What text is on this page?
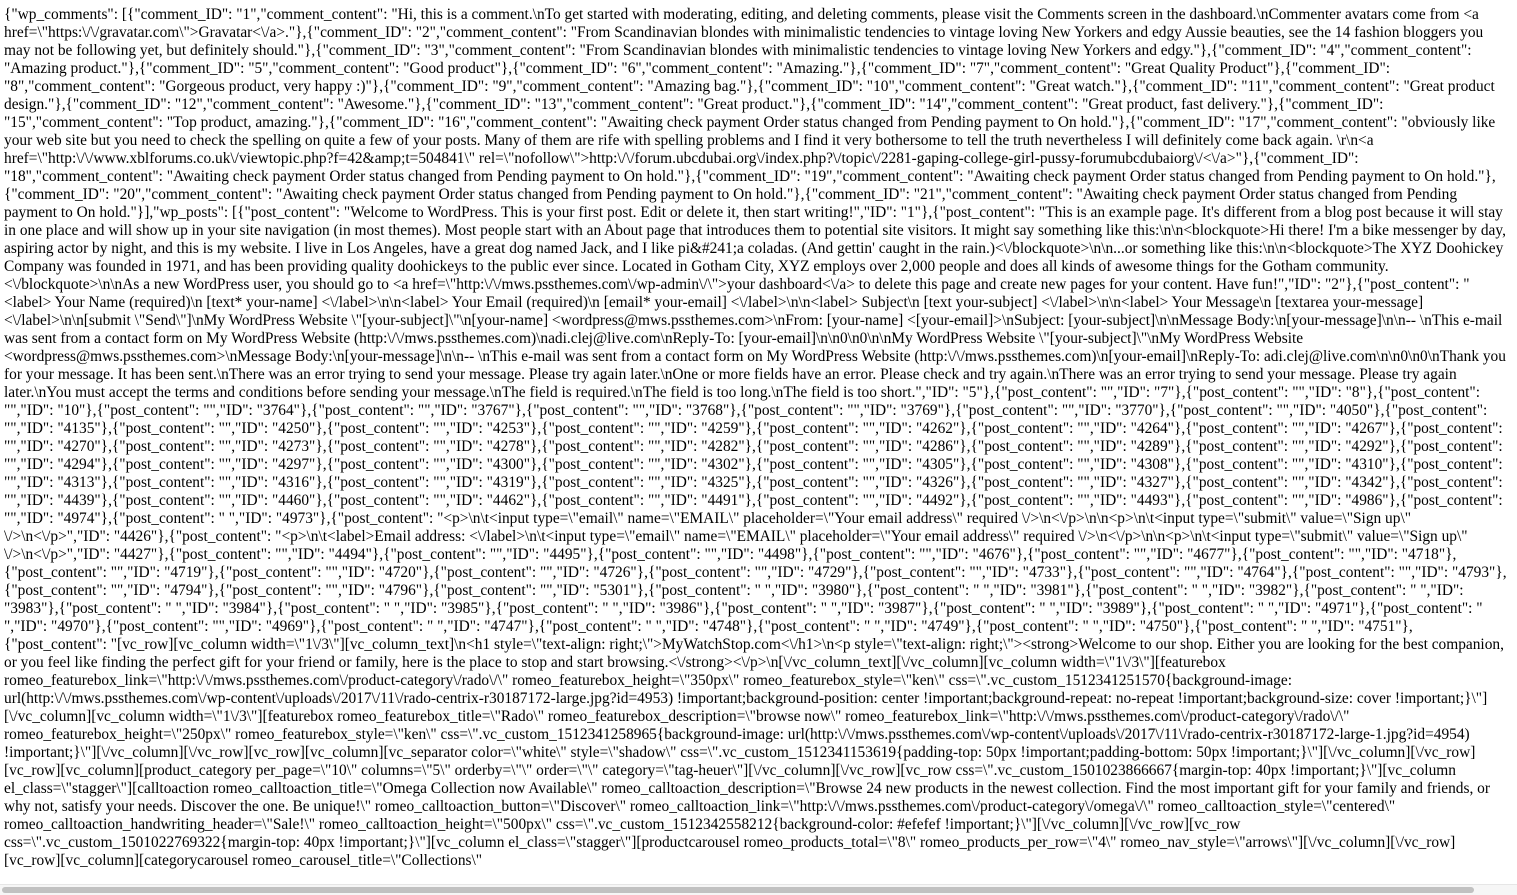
{"wp_comments": [{"comment_ID": "1","comment_content": "Hi, this is a comment.\nTo get started with moderating, editing, and deleting comments, please visit the Comments screen in the dashboard.\nCommenter avatars come from <a href=\"https:\/\/gravatar.com\">Gravatar<\/a>."},{"comment_ID": "2","comment_content": "From Scandinavian blondes with minimalistic tendencies to vintage loving New Yorkers and edgy Aussie beauties, see the 14 fashion bloggers you may not be following yet, but definitely should."},{"comment_ID": "3","comment_content": "From Scandinavian blondes with minimalistic tendencies to vintage loving New Yorkers and edgy."},{"comment_ID": "4","comment_content": "Amazing product."},{"comment_ID": "5","comment_content": "Good product"},{"comment_ID": "6","comment_content": "Amazing."},{"comment_ID": "7","comment_content": "Great Quality Product"},{"comment_ID": "8","comment_content": "Gorgeous product, very happy :)"},{"comment_ID": "9","comment_content": "Amazing bag."},{"comment_ID": "10","comment_content": "Great watch."},{"comment_ID": "11","comment_content": "Great product design."},{"comment_ID": "12","comment_content": "Awesome."},{"comment_ID": "13","comment_content": "Great product."},{"comment_ID": "14","comment_content": "Great product, fast delivery."},{"comment_ID": "15","comment_content": "Top product, amazing."},{"comment_ID": "16","comment_content": "Awaiting check payment Order status changed from Pending payment to On hold."},{"comment_ID": "17","comment_content": "obviously like your web site but you need to check the spelling on quite a few of your posts. Many of them are rife with spelling problems and I find it very bothersome to tell the truth nevertheless I will definitely come back again. \r\n<a href=\"http:\/\/www.xblforums.co.uk\/viewtopic.php?f=42&amp;t=504841\" rel=\"nofollow\">http:\/\/forum.ubcdubai.org\/index.php?\/topic\/2281-gaping-college-girl-pussy-forumubcdubaiorg\/<\/a>"},{"comment_ID": "18","comment_content": "Awaiting check payment Order status changed from Pending payment to On hold."},{"comment_ID": "19","comment_content": "Awaiting check payment Order status changed from Pending payment to On hold."},{"comment_ID": "20","comment_content": "Awaiting check payment Order status changed from Pending payment to On hold."},{"comment_ID": "21","comment_content": "Awaiting check payment Order status changed from Pending payment to On hold."}],"wp_posts": [{"post_content": "Welcome to WordPress. This is your first post. Edit or delete it, then start writing!","ID": "1"},{"post_content": "This is an example page. It's different from a blog post because it will stay in one place and will show up in your site navigation (in most themes). Most people start with an About page that introduces them to potential site visitors. It might say something like this:\n\n<blockquote>Hi there! I'm a bike messenger by day, aspiring actor by night, and this is my website. I live in Los Angeles, have a great dog named Jack, and I like pi&#241;a coladas. (And gettin' caught in the rain.)<\/blockquote>\n\n...or something like this:\n\n<blockquote>The XYZ Doohickey Company was founded in 1971, and has been providing quality doohickeys to the public ever since. Located in Gotham City, XYZ employs over 2,000 people and does all kinds of awesome things for the Gotham community.<\/blockquote>\n\nAs a new WordPress user, you should go to <a href=\"http:\/\/mws.pssthemes.com\/wp-admin\/\">your dashboard<\/a> to delete this page and create new pages for your content. Have fun!","ID": "2"},{"post_content": "<label> Your Name (required)\n [text* your-name] <\/label>\n\n<label> Your Email (required)\n [email* your-email] <\/label>\n\n<label> Subject\n [text your-subject] <\/label>\n\n<label> Your Message\n [textarea your-message] <\/label>\n\n[submit \"Send\"]\nMy WordPress Website \"[your-subject]\"\n[your-name] <wordpress@mws.pssthemes.com>\nFrom: [your-name] <[your-email]>\nSubject: [your-subject]\n\nMessage Body:\n[your-message]\n\n-- \nThis e-mail was sent from a contact form on My WordPress Website (http:\/\/mws.pssthemes.com)\nadi.clej@live.com\nReply-To: [your-email]\n\n0\n0\n\nMy WordPress Website \"[your-subject]\"\nMy WordPress Website <wordpress@mws.pssthemes.com>\nMessage Body:\n[your-message]\n\n-- \nThis e-mail was sent from a contact form on My WordPress Website (http:\/\/mws.pssthemes.com)\n[your-email]\nReply-To: adi.clej@live.com\n\n0\n0\nThank you for your message. It has been sent.\nThere was an error trying to send your message. Please try again later.\nOne or more fields have an error. Please check and try again.\nThere was an error trying to send your message. Please try again later.\nYou must accept the terms and conditions before sending your message.\nThe field is required.\nThe field is too long.\nThe field is too short.","ID": "5"},{"post_content": "","ID": "7"},{"post_content": "","ID": "8"},{"post_content": "","ID": "10"},{"post_content": "","ID": "3764"},{"post_content": "","ID": "3767"},{"post_content": "","ID": "3768"},{"post_content": "","ID": "3769"},{"post_content": "","ID": "3770"},{"post_content": "","ID": "4050"},{"post_content": "","ID": "4135"},{"post_content": "","ID": "4250"},{"post_content": "","ID": "4253"},{"post_content": "","ID": "4259"},{"post_content": "","ID": "4262"},{"post_content": "","ID": "4264"},{"post_content": "","ID": "4267"},{"post_content": "","ID": "4270"},{"post_content": "","ID": "4273"},{"post_content": "","ID": "4278"},{"post_content": "","ID": "4282"},{"post_content": "","ID": "4286"},{"post_content": "","ID": "4289"},{"post_content": "","ID": "4292"},{"post_content": "","ID": "4294"},{"post_content": "","ID": "4297"},{"post_content": "","ID": "4300"},{"post_content": "","ID": "4302"},{"post_content": "","ID": "4305"},{"post_content": "","ID": "4308"},{"post_content": "","ID": "4310"},{"post_content": "","ID": "4313"},{"post_content": "","ID": "4316"},{"post_content": "","ID": "4319"},{"post_content": "","ID": "4325"},{"post_content": "","ID": "4326"},{"post_content": "","ID": "4327"},{"post_content": "","ID": "4342"},{"post_content": "","ID": "4439"},{"post_content": "","ID": "4460"},{"post_content": "","ID": "4462"},{"post_content": "","ID": "4491"},{"post_content": "","ID": "4492"},{"post_content": "","ID": "4493"},{"post_content": "","ID": "4986"},{"post_content": "","ID": "4974"},{"post_content": " ","ID": "4973"},{"post_content": "<p>\n\t<input type=\"email\" name=\"EMAIL\" placeholder=\"Your email address\" required \/>\n<\/p>\n\n<p>\n\t<input type=\"submit\" value=\"Sign up\" \/>\n<\/p>","ID": "4426"},{"post_content": "<p>\n\t<label>Email address: <\/label>\n\t<input type=\"email\" name=\"EMAIL\" placeholder=\"Your email address\" required \/>\n<\/p>\n\n<p>\n\t<input type=\"submit\" value=\"Sign up\" \/>\n<\/p>","ID": "4427"},{"post_content": "","ID": "4494"},{"post_content": "","ID": "4495"},{"post_content": "","ID": "4498"},{"post_content": "","ID": "4676"},{"post_content": "","ID": "4677"},{"post_content": "","ID": "4718"},{"post_content": "","ID": "4719"},{"post_content": "","ID": "4720"},{"post_content": "","ID": "4726"},{"post_content": "","ID": "4729"},{"post_content": "","ID": "4733"},{"post_content": "","ID": "4764"},{"post_content": "","ID": "4793"},{"post_content": "","ID": "4794"},{"post_content": "","ID": "4796"},{"post_content": "","ID": "5301"},{"post_content": " ","ID": "3980"},{"post_content": " ","ID": "3981"},{"post_content": " ","ID": "3982"},{"post_content": " ","ID": "3983"},{"post_content": " ","ID": "3984"},{"post_content": " ","ID": "3985"},{"post_content": " ","ID": "3986"},{"post_content": " ","ID": "3987"},{"post_content": " ","ID": "3989"},{"post_content": " ","ID": "4971"},{"post_content": " ","ID": "4970"},{"post_content": "","ID": "4969"},{"post_content": " ","ID": "4747"},{"post_content": " ","ID": "4748"},{"post_content": " ","ID": "4749"},{"post_content": " ","ID": "4750"},{"post_content": " ","ID": "4751"},{"post_content": "[vc_row][vc_column width=\"1\/3\"][vc_column_text]\n<h1 style=\"text-align: right;\">MyWatchStop.com<\/h1>\n<p style=\"text-align: right;\"><strong>Welcome to our shop. Either you are looking for the best companion, or you feel like finding the perfect gift for your friend or family, here is the place to stop and start browsing.<\/strong><\/p>\n[\/vc_column_text][\/vc_column][vc_column width=\"1\/3\"][featurebox romeo_featurebox_link=\"http:\/\/mws.pssthemes.com\/product-category\/rado\/\" romeo_featurebox_height=\"350px\" romeo_featurebox_style=\"ken\" css=\".vc_custom_1512341251570{background-image: url(http:\/\/mws.pssthemes.com\/wp-content\/uploads\/2017\/11\/rado-centrix-r30187172-large.jpg?id=4953) !important;background-position: center !important;background-repeat: no-repeat !important;background-size: cover !important;}\"][\/vc_column][vc_column width=\"1\/3\"][featurebox romeo_featurebox_title=\"Rado\" romeo_featurebox_description=\"browse now\" romeo_featurebox_link=\"http:\/\/mws.pssthemes.com\/product-category\/rado\/\" romeo_featurebox_height=\"250px\" romeo_featurebox_style=\"ken\" css=\".vc_custom_1512341258965{background-image: url(http:\/\/mws.pssthemes.com\/wp-content\/uploads\/2017\/11\/rado-centrix-r30187172-large-1.jpg?id=4954) !important;}\"][\/vc_column][\/vc_row][vc_row][vc_column][vc_separator color=\"white\" style=\"shadow\" css=\".vc_custom_1512341153619{padding-top: 50px !important;padding-bottom: 50px !important;}\"][\/vc_column][\/vc_row][vc_row][vc_column][product_category per_page=\"10\" columns=\"5\" orderby=\"\" order=\"\" category=\"tag-heuer\"][\/vc_column][\/vc_row][vc_row css=\".vc_custom_1501023866667{margin-top: 40px !important;}\"][vc_column el_class=\"stagger\"][calltoaction romeo_calltoaction_title=\"Omega Collection now Available\" romeo_calltoaction_description=\"Browse 24 new products in the newest collection. Find the most important gift for your family and friends, or why not, satisfy your needs. Discover the one. Be unique!\" romeo_calltoaction_button=\"Discover\" romeo_calltoaction_link=\"http:\/\/mws.pssthemes.com\/product-category\/omega\/\" romeo_calltoaction_style=\"centered\" romeo_calltoaction_handwriting_header=\"Sale!\" romeo_calltoaction_height=\"500px\" css=\".vc_custom_1512342558212{background-color: #efefef !important;}\"][\/vc_column][\/vc_row][vc_row css=\".vc_custom_1501022769322{margin-top: 40px !important;}\"][vc_column el_class=\"stagger\"][productcarousel romeo_products_total=\"8\" romeo_products_per_row=\"4\" romeo_nav_style=\"arrows\"][\/vc_column][\/vc_row][vc_row][vc_column][categorycarousel romeo_carousel_title=\"Collections\"
